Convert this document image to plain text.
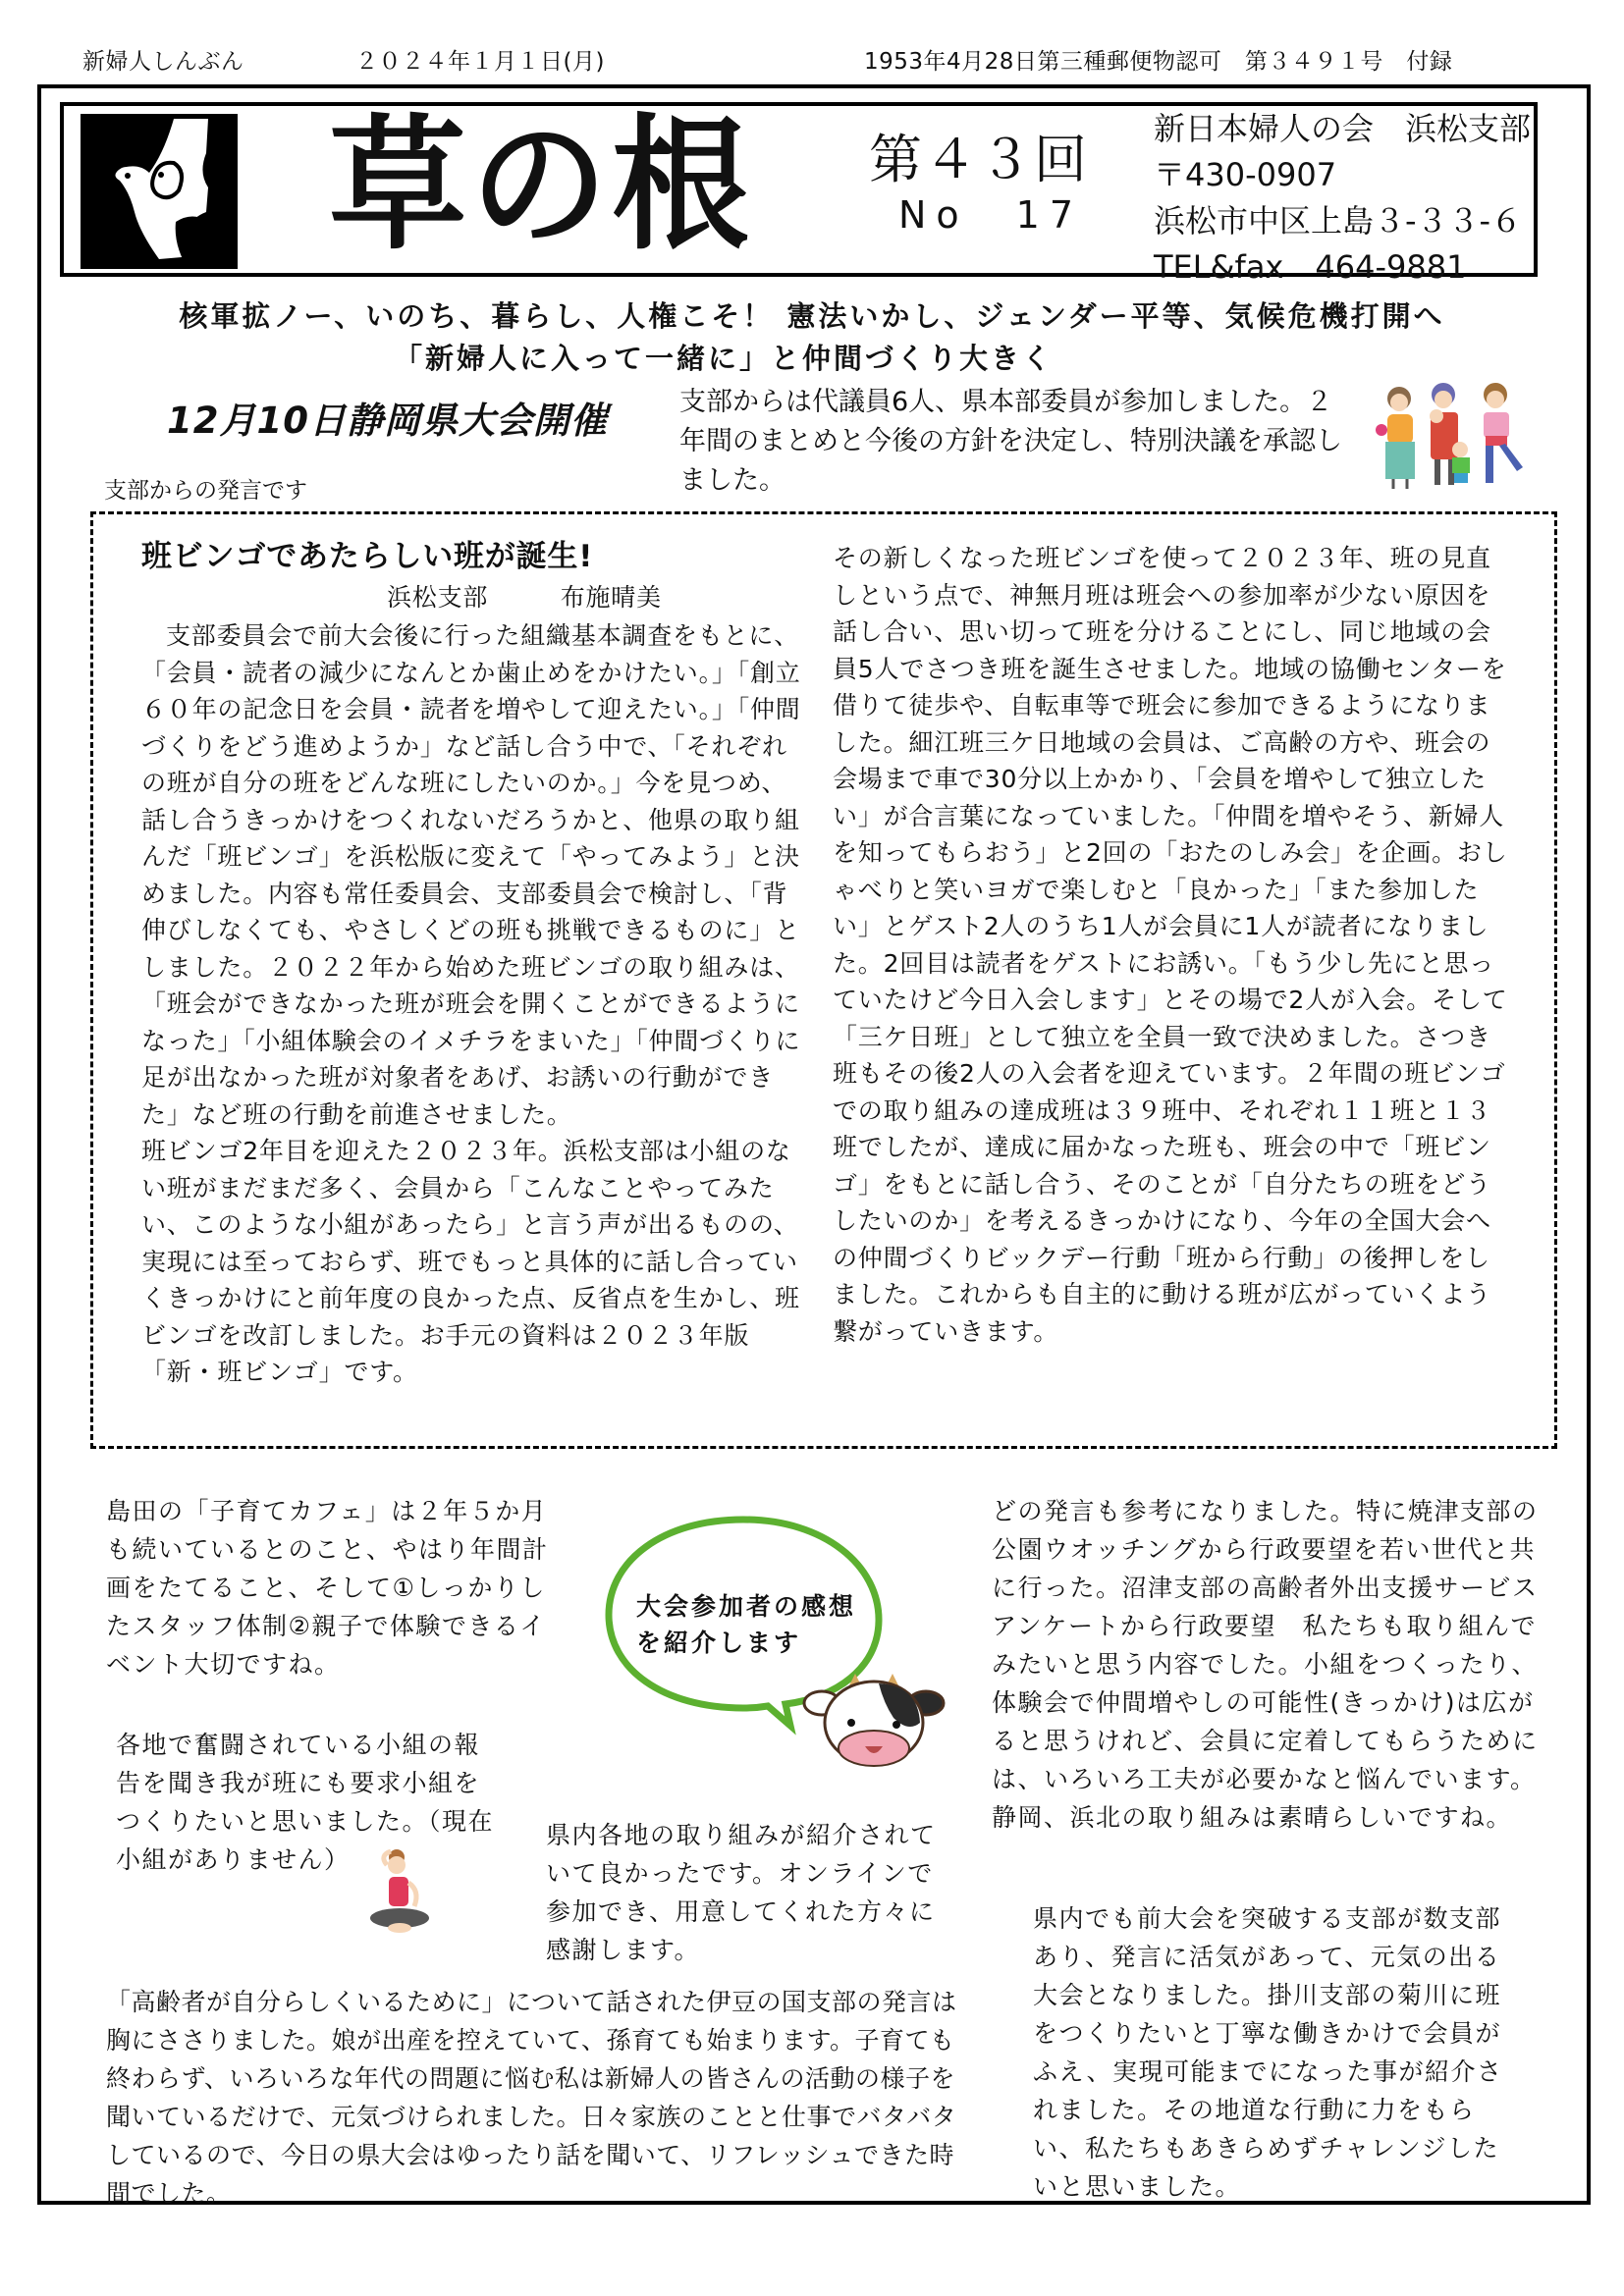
新婦人しんぶん	２０２４年１月１日(月)	1953年4月28日第三種郵便物認可　第３４９１号　付録
草の根 第４３回
No　17
新日本婦人の会　浜松支部
〒430-0907
浜松市中区上島３-３３-６
TEL&fax　464-9881
核軍拡ノー、いのち、暮らし、人権こそ！ 憲法いかし、ジェンダー平等、気候危機打開へ
「新婦人に入って一緒に」と仲間づくり大きく
12月10日静岡県大会開催	支部からは代議員6人、県本部委員が参加しました。２年間のまとめと今後の方針を決定し、特別決議を承認しました。
支部からの発言です
班ビンゴであたらしい班が誕生!
浜松支部	布施晴美

支部委員会で前大会後に行った組織基本調査をもとに、「会員・読者の減少になんとか歯止めをかけたい。」「創立６０年の記念日を会員・読者を増やして迎えたい。」「仲間づくりをどう進めようか」など話し合う中で、「それぞれの班が自分の班をどんな班にしたいのか。」今を見つめ、話し合うきっかけをつくれないだろうかと、他県の取り組んだ「班ビンゴ」を浜松版に変えて「やってみよう」と決めました。内容も常任委員会、支部委員会で検討し、「背伸びしなくても、やさしくどの班も挑戦できるものに」としました。２０２２年から始めた班ビンゴの取り組みは、「班会ができなかった班が班会を開くことができるようになった」「小組体験会のイメチラをまいた」「仲間づくりに足が出なかった班が対象者をあげ、お誘いの行動ができた」など班の行動を前進させました。

班ビンゴ2年目を迎えた２０２３年。浜松支部は小組のない班がまだまだ多く、会員から「こんなことやってみたい、このような小組があったら」と言う声が出るものの、実現には至っておらず、班でもっと具体的に話し合っていくきっかけにと前年度の良かった点、反省点を生かし、班ビンゴを改訂しました。お手元の資料は２０２３年版「新・班ビンゴ」です。

その新しくなった班ビンゴを使って２０２３年、班の見直しという点で、神無月班は班会への参加率が少ない原因を話し合い、思い切って班を分けることにし、同じ地域の会員5人でさつき班を誕生させました。地域の協働センターを借りて徒歩や、自転車等で班会に参加できるようになりました。細江班三ケ日地域の会員は、ご高齢の方や、班会の会場まで車で30分以上かかり、「会員を増やして独立したい」が合言葉になっていました。「仲間を増やそう、新婦人を知ってもらおう」と2回の「おたのしみ会」を企画。おしゃべりと笑いヨガで楽しむと「良かった」「また参加したい」とゲスト2人のうち1人が会員に1人が読者になりました。2回目は読者をゲストにお誘い。「もう少し先にと思っていたけど今日入会します」とその場で2人が入会。そして「三ケ日班」として独立を全員一致で決めました。さつき班もその後2人の入会者を迎えています。２年間の班ビンゴでの取り組みの達成班は３９班中、それぞれ１１班と１３班でしたが、達成に届かなった班も、班会の中で「班ビンゴ」をもとに話し合う、そのことが「自分たちの班をどうしたいのか」を考えるきっかけになり、今年の全国大会への仲間づくりビックデー行動「班から行動」の後押しをしました。これからも自主的に動ける班が広がっていくよう繋がっていきます。

島田の「子育てカフェ」は２年５か月も続いているとのこと、やはり年間計画をたてること、そして①しっかりしたスタッフ体制②親子で体験できるイベント大切ですね。
各地で奮闘されている小組の報告を聞き我が班にも要求小組をつくりたいと思いました。（現在小組がありません）
県内各地の取り組みが紹介されていて良かったです。オンラインで参加でき、用意してくれた方々に感謝します。
どの発言も参考になりました。特に焼津支部の公園ウオッチングから行政要望を若い世代と共に行った。沼津支部の高齢者外出支援サービスアンケートから行政要望　私たちも取り組んでみたいと思う内容でした。小組をつくったり、体験会で仲間増やしの可能性(きっかけ)は広がると思うけれど、会員に定着してもらうためには、いろいろ工夫が必要かなと悩んでいます。静岡、浜北の取り組みは素晴らしいですね。
県内でも前大会を突破する支部が数支部あり、発言に活気があって、元気の出る大会となりました。掛川支部の菊川に班をつくりたいと丁寧な働きかけで会員がふえ、実現可能までになった事が紹介されました。その地道な行動に力をもらい、私たちもあきらめずチャレンジしたいと思いました。
「高齢者が自分らしくいるために」について話された伊豆の国支部の発言は胸にささりました。娘が出産を控えていて、孫育ても始まります。子育ても終わらず、いろいろな年代の問題に悩む私は新婦人の皆さんの活動の様子を聞いているだけで、元気づけられました。日々家族のことと仕事でバタバタしているので、今日の県大会はゆったり話を聞いて、リフレッシュできた時間でした。
大会参加者の感想を紹介します
